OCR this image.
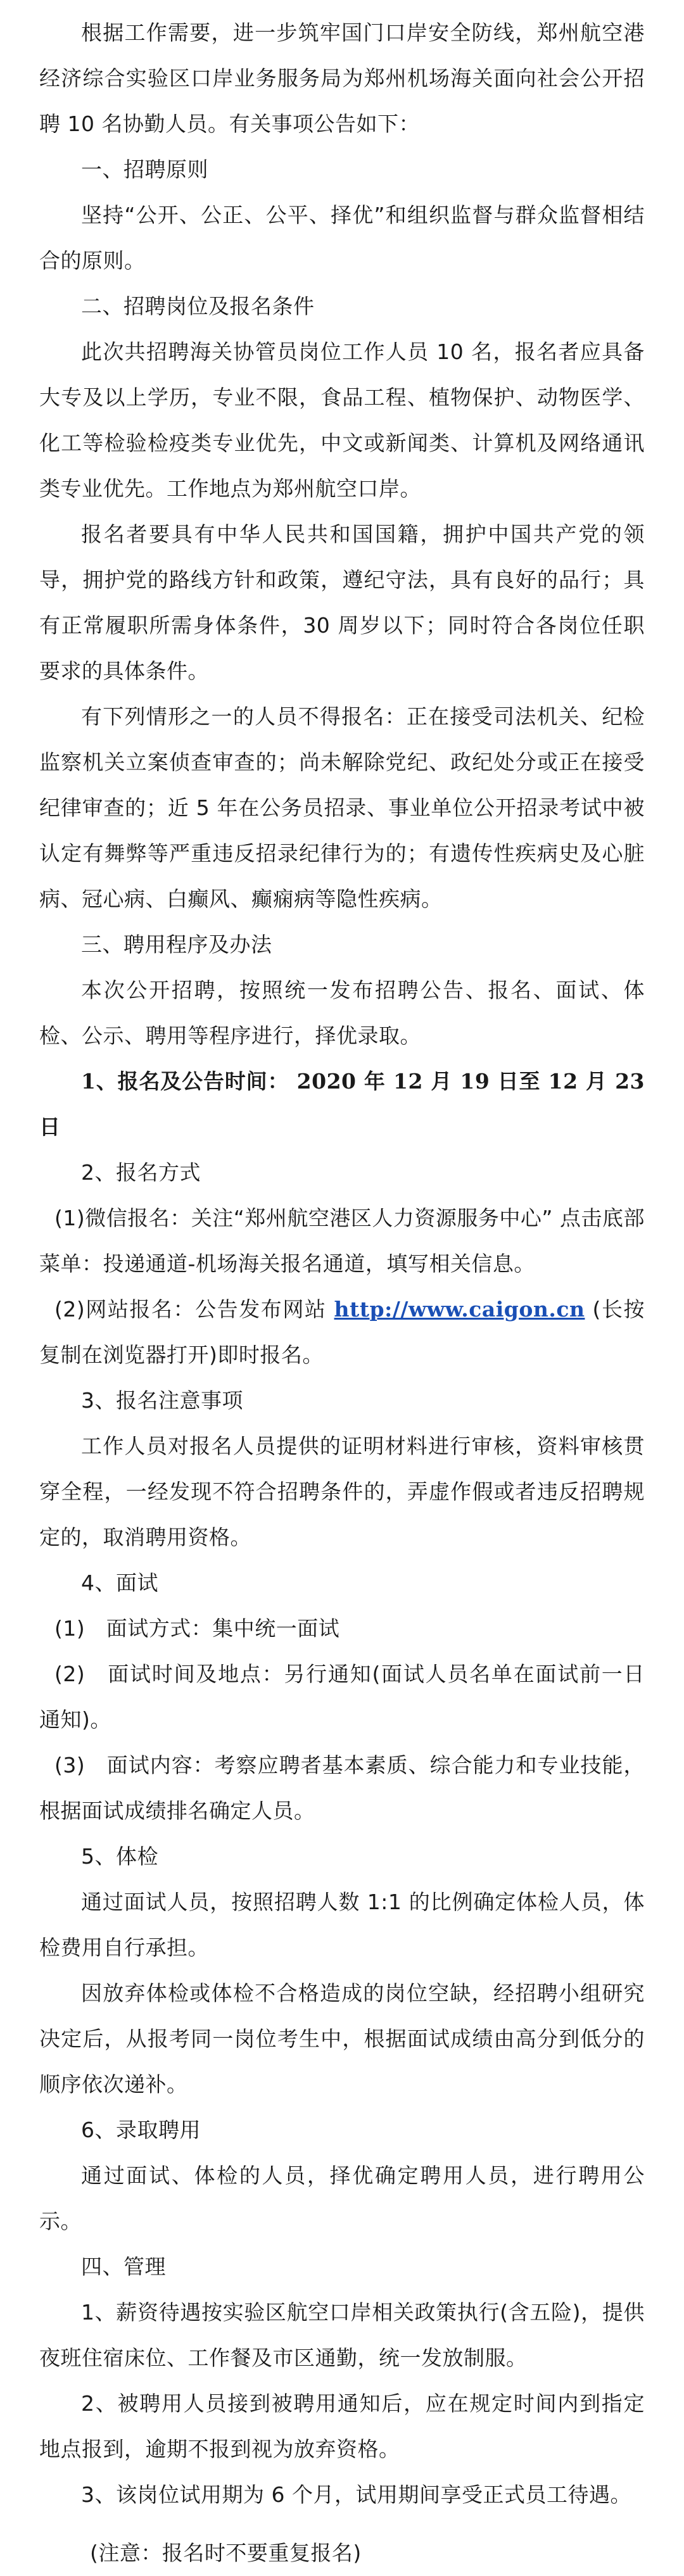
根据工作需要，进一步筑牢国门口岸安全防线，郑州航空港经济综合实验区口岸业务服务局为郑州机场海关面向社会公开招聘 10 名协勤人员。有关事项公告如下：

一、招聘原则

坚持“公开、公正、公平、择优”和组织监督与群众监督相结合的原则。

二、招聘岗位及报名条件

此次共招聘海关协管员岗位工作人员 10 名，报名者应具备大专及以上学历，专业不限，食品工程、植物保护、动物医学、化工等检验检疫类专业优先，中文或新闻类、计算机及网络通讯类专业优先。工作地点为郑州航空口岸。

报名者要具有中华人民共和国国籍，拥护中国共产党的领导，拥护党的路线方针和政策，遵纪守法，具有良好的品行；具有正常履职所需身体条件，30 周岁以下；同时符合各岗位任职要求的具体条件。

有下列情形之一的人员不得报名：正在接受司法机关、纪检监察机关立案侦查审查的；尚未解除党纪、政纪处分或正在接受纪律审查的；近 5 年在公务员招录、事业单位公开招录考试中被认定有舞弊等严重违反招录纪律行为的；有遗传性疾病史及心脏病、冠心病、白癫风、癫痫病等隐性疾病。

三、聘用程序及办法

本次公开招聘，按照统一发布招聘公告、报名、面试、体检、公示、聘用等程序进行，择优录取。

1、报名及公告时间： 2020 年 12 月 19 日至 12 月 23 日

2、报名方式

(1)微信报名：关注“郑州航空港区人力资源服务中心” 点击底部菜单：投递通道-机场海关报名通道，填写相关信息。

(2)网站报名：公告发布网站 http://www.caigon.cn (长按复制在浏览器打开)即时报名。

3、报名注意事项

工作人员对报名人员提供的证明材料进行审核，资料审核贯穿全程，一经发现不符合招聘条件的，弄虚作假或者违反招聘规定的，取消聘用资格。

4、面试

(1)　面试方式：集中统一面试

(2)　面试时间及地点：另行通知(面试人员名单在面试前一日通知)。

(3)　面试内容：考察应聘者基本素质、综合能力和专业技能，根据面试成绩排名确定人员。

5、体检

通过面试人员，按照招聘人数 1:1 的比例确定体检人员，体检费用自行承担。

因放弃体检或体检不合格造成的岗位空缺，经招聘小组研究决定后，从报考同一岗位考生中，根据面试成绩由高分到低分的顺序依次递补。

6、录取聘用

通过面试、体检的人员，择优确定聘用人员，进行聘用公示。

四、管理

1、薪资待遇按实验区航空口岸相关政策执行(含五险)，提供夜班住宿床位、工作餐及市区通勤，统一发放制服。

2、被聘用人员接到被聘用通知后，应在规定时间内到指定地点报到，逾期不报到视为放弃资格。

3、该岗位试用期为 6 个月，试用期间享受正式员工待遇。

(注意：报名时不要重复报名)
